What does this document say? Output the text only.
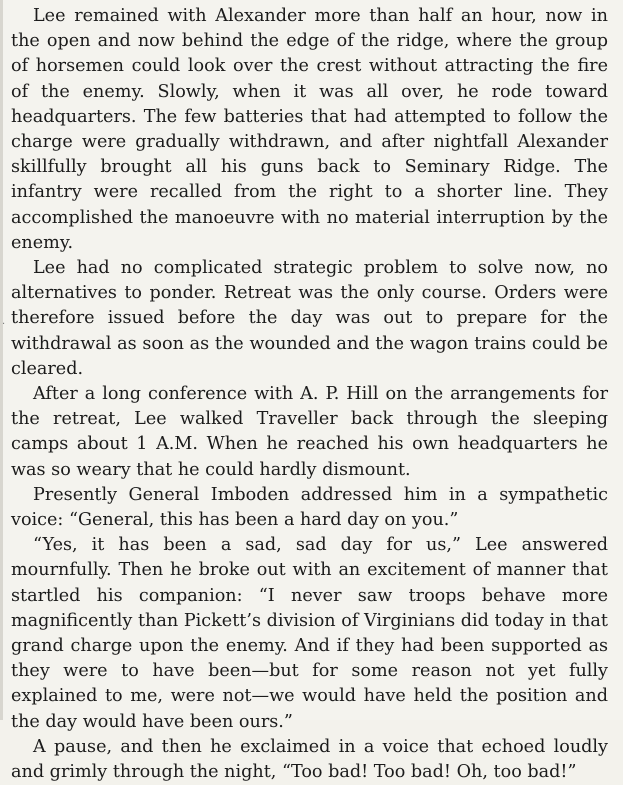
Lee remained with Alexander more than half an hour, now in the open and now behind the edge of the ridge, where the group of horsemen could look over the crest without attracting the fire of the enemy. Slowly, when it was all over, he rode toward headquarters. The few batteries that had attempted to follow the charge were gradually withdrawn, and after nightfall Alexander skillfully brought all his guns back to Seminary Ridge. The infantry were recalled from the right to a shorter line. They accomplished the manoeuvre with no material interruption by the enemy.

Lee had no complicated strategic problem to solve now, no alternatives to ponder. Retreat was the only course. Orders were therefore issued before the day was out to prepare for the withdrawal as soon as the wounded and the wagon trains could be cleared.

After a long conference with A. P. Hill on the arrangements for the retreat, Lee walked Traveller back through the sleeping camps about 1 A.M. When he reached his own headquarters he was so weary that he could hardly dismount.

Presently General Imboden addressed him in a sympathetic voice: “General, this has been a hard day on you.”

“Yes, it has been a sad, sad day for us,” Lee answered mournfully. Then he broke out with an excitement of manner that startled his companion: “I never saw troops behave more magnificently than Pickett’s division of Virginians did today in that grand charge upon the enemy. And if they had been supported as they were to have been—but for some reason not yet fully explained to me, were not—we would have held the position and the day would have been ours.”

A pause, and then he exclaimed in a voice that echoed loudly and grimly through the night, “Too bad! Too bad! Oh, too bad!”

·
